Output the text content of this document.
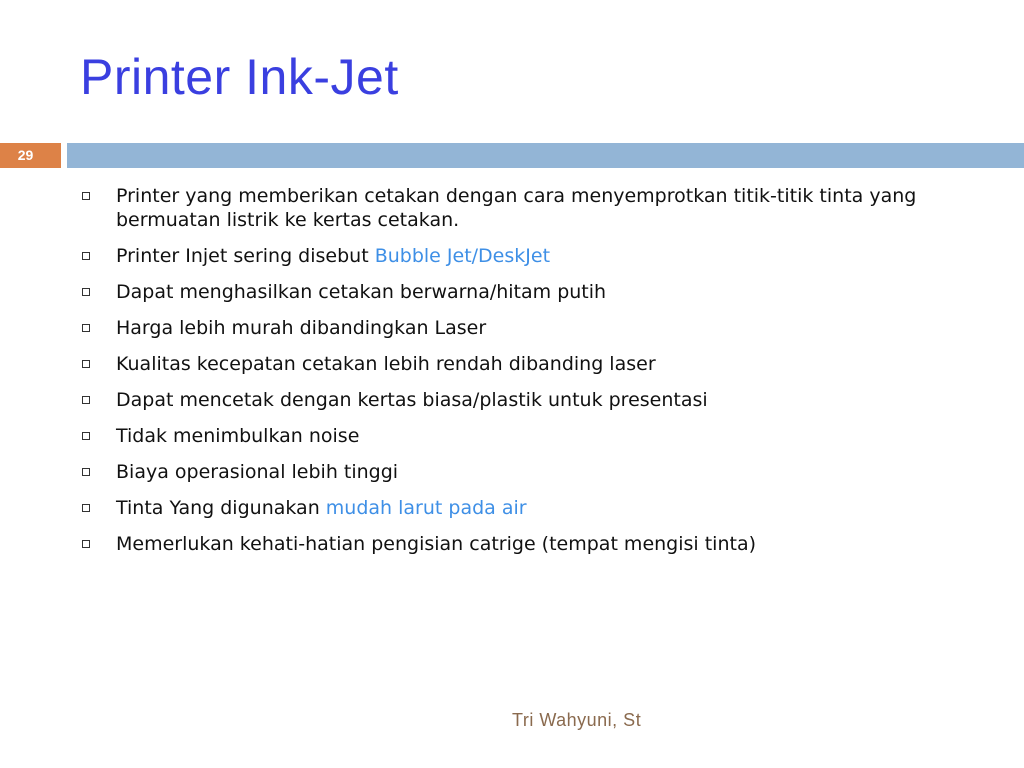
Printer Ink-Jet
29
Printer yang memberikan cetakan dengan cara menyemprotkan titik-titik tinta yang bermuatan listrik ke kertas cetakan.
Printer Injet sering disebut Bubble Jet/DeskJet
Dapat menghasilkan cetakan berwarna/hitam putih
Harga lebih murah dibandingkan Laser
Kualitas kecepatan cetakan lebih rendah dibanding laser
Dapat mencetak dengan kertas biasa/plastik untuk presentasi
Tidak menimbulkan noise
Biaya operasional lebih tinggi
Tinta Yang digunakan mudah larut pada air
Memerlukan kehati-hatian pengisian catrige (tempat mengisi tinta)
Tri Wahyuni, St
